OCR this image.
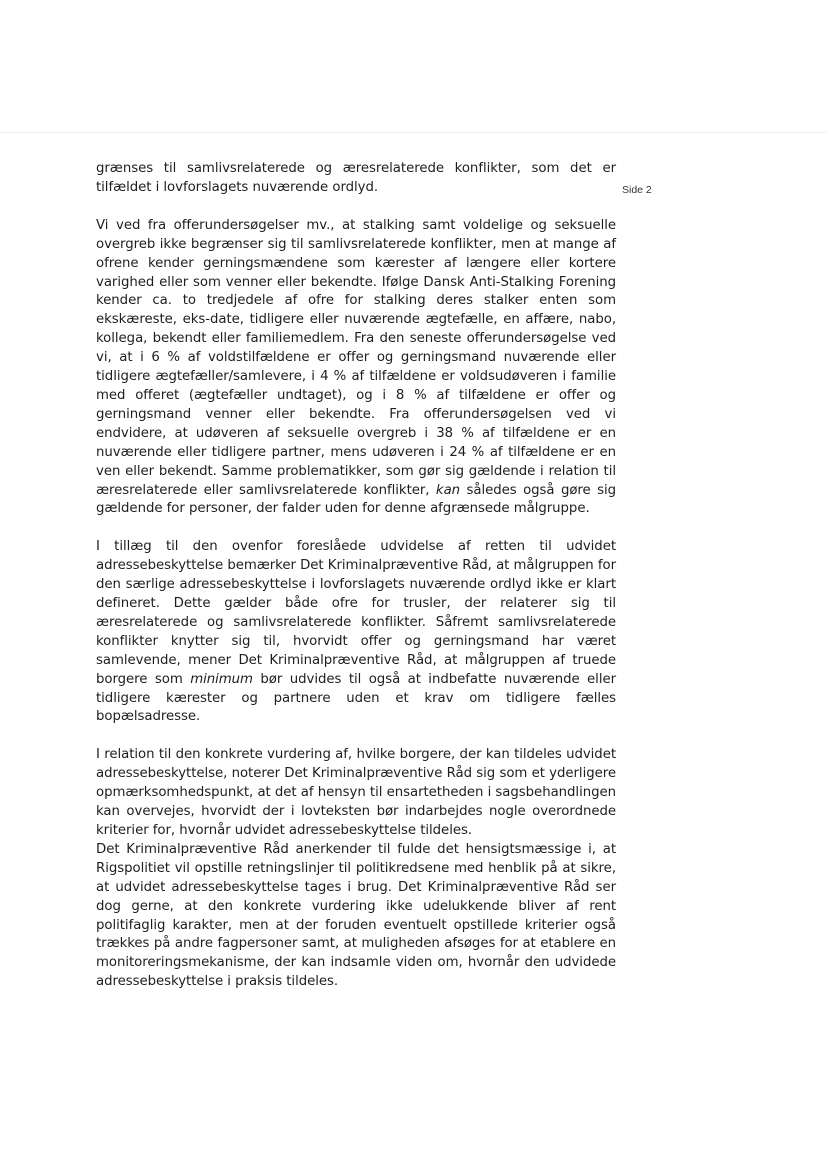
Side 2

grænses til samlivsrelaterede og æresrelaterede konflikter, som det er tilfældet i lovforslagets nuværende ordlyd.

Vi ved fra offerundersøgelser mv., at stalking samt voldelige og seksuelle overgreb ikke begrænser sig til samlivsrelaterede konflikter, men at mange af ofrene kender gerningsmændene som kærester af længere eller kortere varighed eller som venner eller bekendte. Ifølge Dansk Anti-Stalking Forening kender ca. to tredjedele af ofre for stalking deres stalker enten som ekskæreste, eks-date, tidligere eller nuværende ægtefælle, en affære, nabo, kollega, bekendt eller familiemedlem. Fra den seneste offerundersøgelse ved vi, at i 6 % af voldstilfældene er offer og gerningsmand nuværende eller tidligere ægtefæller/samlevere, i 4 % af tilfældene er voldsudøveren i familie med offeret (ægtefæller undtaget), og i 8 % af tilfældene er offer og gerningsmand venner eller bekendte. Fra offerundersøgelsen ved vi endvidere, at udøveren af seksuelle overgreb i 38 % af tilfældene er en nuværende eller tidligere partner, mens udøveren i 24 % af tilfældene er en ven eller bekendt. Samme problematikker, som gør sig gældende i relation til æresrelaterede eller samlivsrelaterede konflikter, kan således også gøre sig gældende for personer, der falder uden for denne afgrænsede målgruppe.

I tillæg til den ovenfor foreslåede udvidelse af retten til udvidet adressebeskyttelse bemærker Det Kriminalpræventive Råd, at målgruppen for den særlige adressebeskyttelse i lovforslagets nuværende ordlyd ikke er klart defineret. Dette gælder både ofre for trusler, der relaterer sig til æresrelaterede og samlivsrelaterede konflikter. Såfremt samlivsrelaterede konflikter knytter sig til, hvorvidt offer og gerningsmand har været samlevende, mener Det Kriminalpræventive Råd, at målgruppen af truede borgere som minimum bør udvides til også at indbefatte nuværende eller tidligere kærester og partnere uden et krav om tidligere fælles bopælsadresse.

I relation til den konkrete vurdering af, hvilke borgere, der kan tildeles udvidet adressebeskyttelse, noterer Det Kriminalpræventive Råd sig som et yderligere opmærksomhedspunkt, at det af hensyn til ensartetheden i sagsbehandlingen kan overvejes, hvorvidt der i lovteksten bør indarbejdes nogle overordnede kriterier for, hvornår udvidet adressebeskyttelse tildeles.

Det Kriminalpræventive Råd anerkender til fulde det hensigtsmæssige i, at Rigspolitiet vil opstille retningslinjer til politikredsene med henblik på at sikre, at udvidet adressebeskyttelse tages i brug. Det Kriminalpræventive Råd ser dog gerne, at den konkrete vurdering ikke udelukkende bliver af rent politifaglig karakter, men at der foruden eventuelt opstillede kriterier også trækkes på andre fagpersoner samt, at muligheden afsøges for at etablere en monitoreringsmekanisme, der kan indsamle viden om, hvornår den udvidede adressebeskyttelse i praksis tildeles.
